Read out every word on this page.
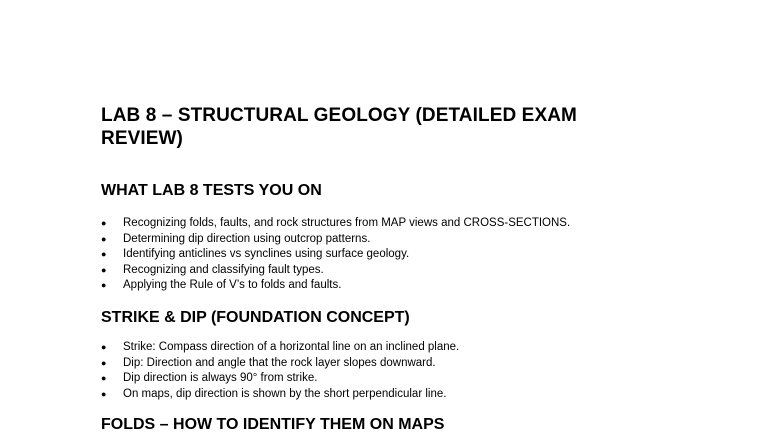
LAB 8 – STRUCTURAL GEOLOGY (DETAILED EXAM REVIEW)
WHAT LAB 8 TESTS YOU ON
●	Recognizing folds, faults, and rock structures from MAP views and CROSS-SECTIONS.
●	Determining dip direction using outcrop patterns.
●	Identifying anticlines vs synclines using surface geology.
●	Recognizing and classifying fault types.
●	Applying the Rule of V’s to folds and faults.
STRIKE & DIP (FOUNDATION CONCEPT)
●	Strike: Compass direction of a horizontal line on an inclined plane.
●	Dip: Direction and angle that the rock layer slopes downward.
●	Dip direction is always 90° from strike.
●	On maps, dip direction is shown by the short perpendicular line.
FOLDS – HOW TO IDENTIFY THEM ON MAPS
